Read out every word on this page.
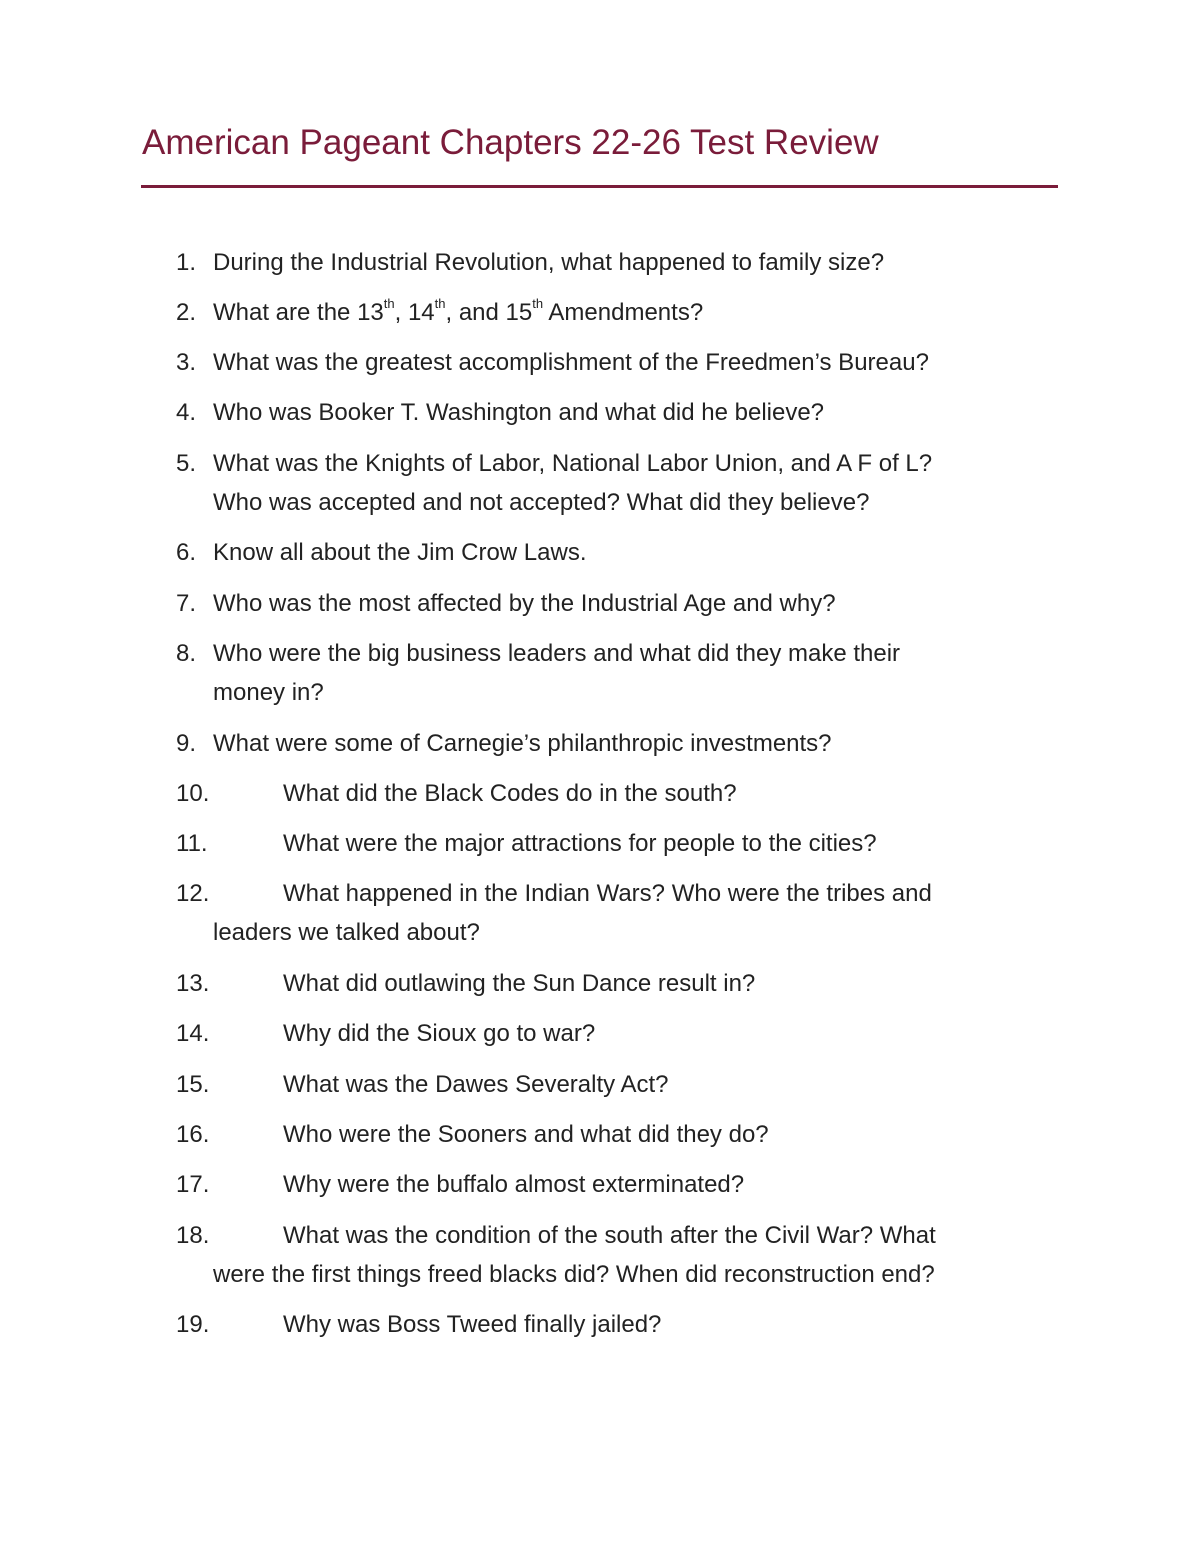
American Pageant Chapters 22-26 Test Review
1. During the Industrial Revolution, what happened to family size?
2. What are the 13th, 14th, and 15th Amendments?
3. What was the greatest accomplishment of the Freedmen’s Bureau?
4. Who was Booker T. Washington and what did he believe?
5. What was the Knights of Labor, National Labor Union, and A F of L?
Who was accepted and not accepted? What did they believe?
6. Know all about the Jim Crow Laws.
7. Who was the most affected by the Industrial Age and why?
8. Who were the big business leaders and what did they make their
money in?
9. What were some of Carnegie’s philanthropic investments?
10.	What did the Black Codes do in the south?
11.	What were the major attractions for people to the cities?
12.	What happened in the Indian Wars? Who were the tribes and
leaders we talked about?
13.	What did outlawing the Sun Dance result in?
14.	Why did the Sioux go to war?
15.	What was the Dawes Severalty Act?
16.	Who were the Sooners and what did they do?
17.	Why were the buffalo almost exterminated?
18.	What was the condition of the south after the Civil War? What
were the first things freed blacks did? When did reconstruction end?
19.	Why was Boss Tweed finally jailed?
